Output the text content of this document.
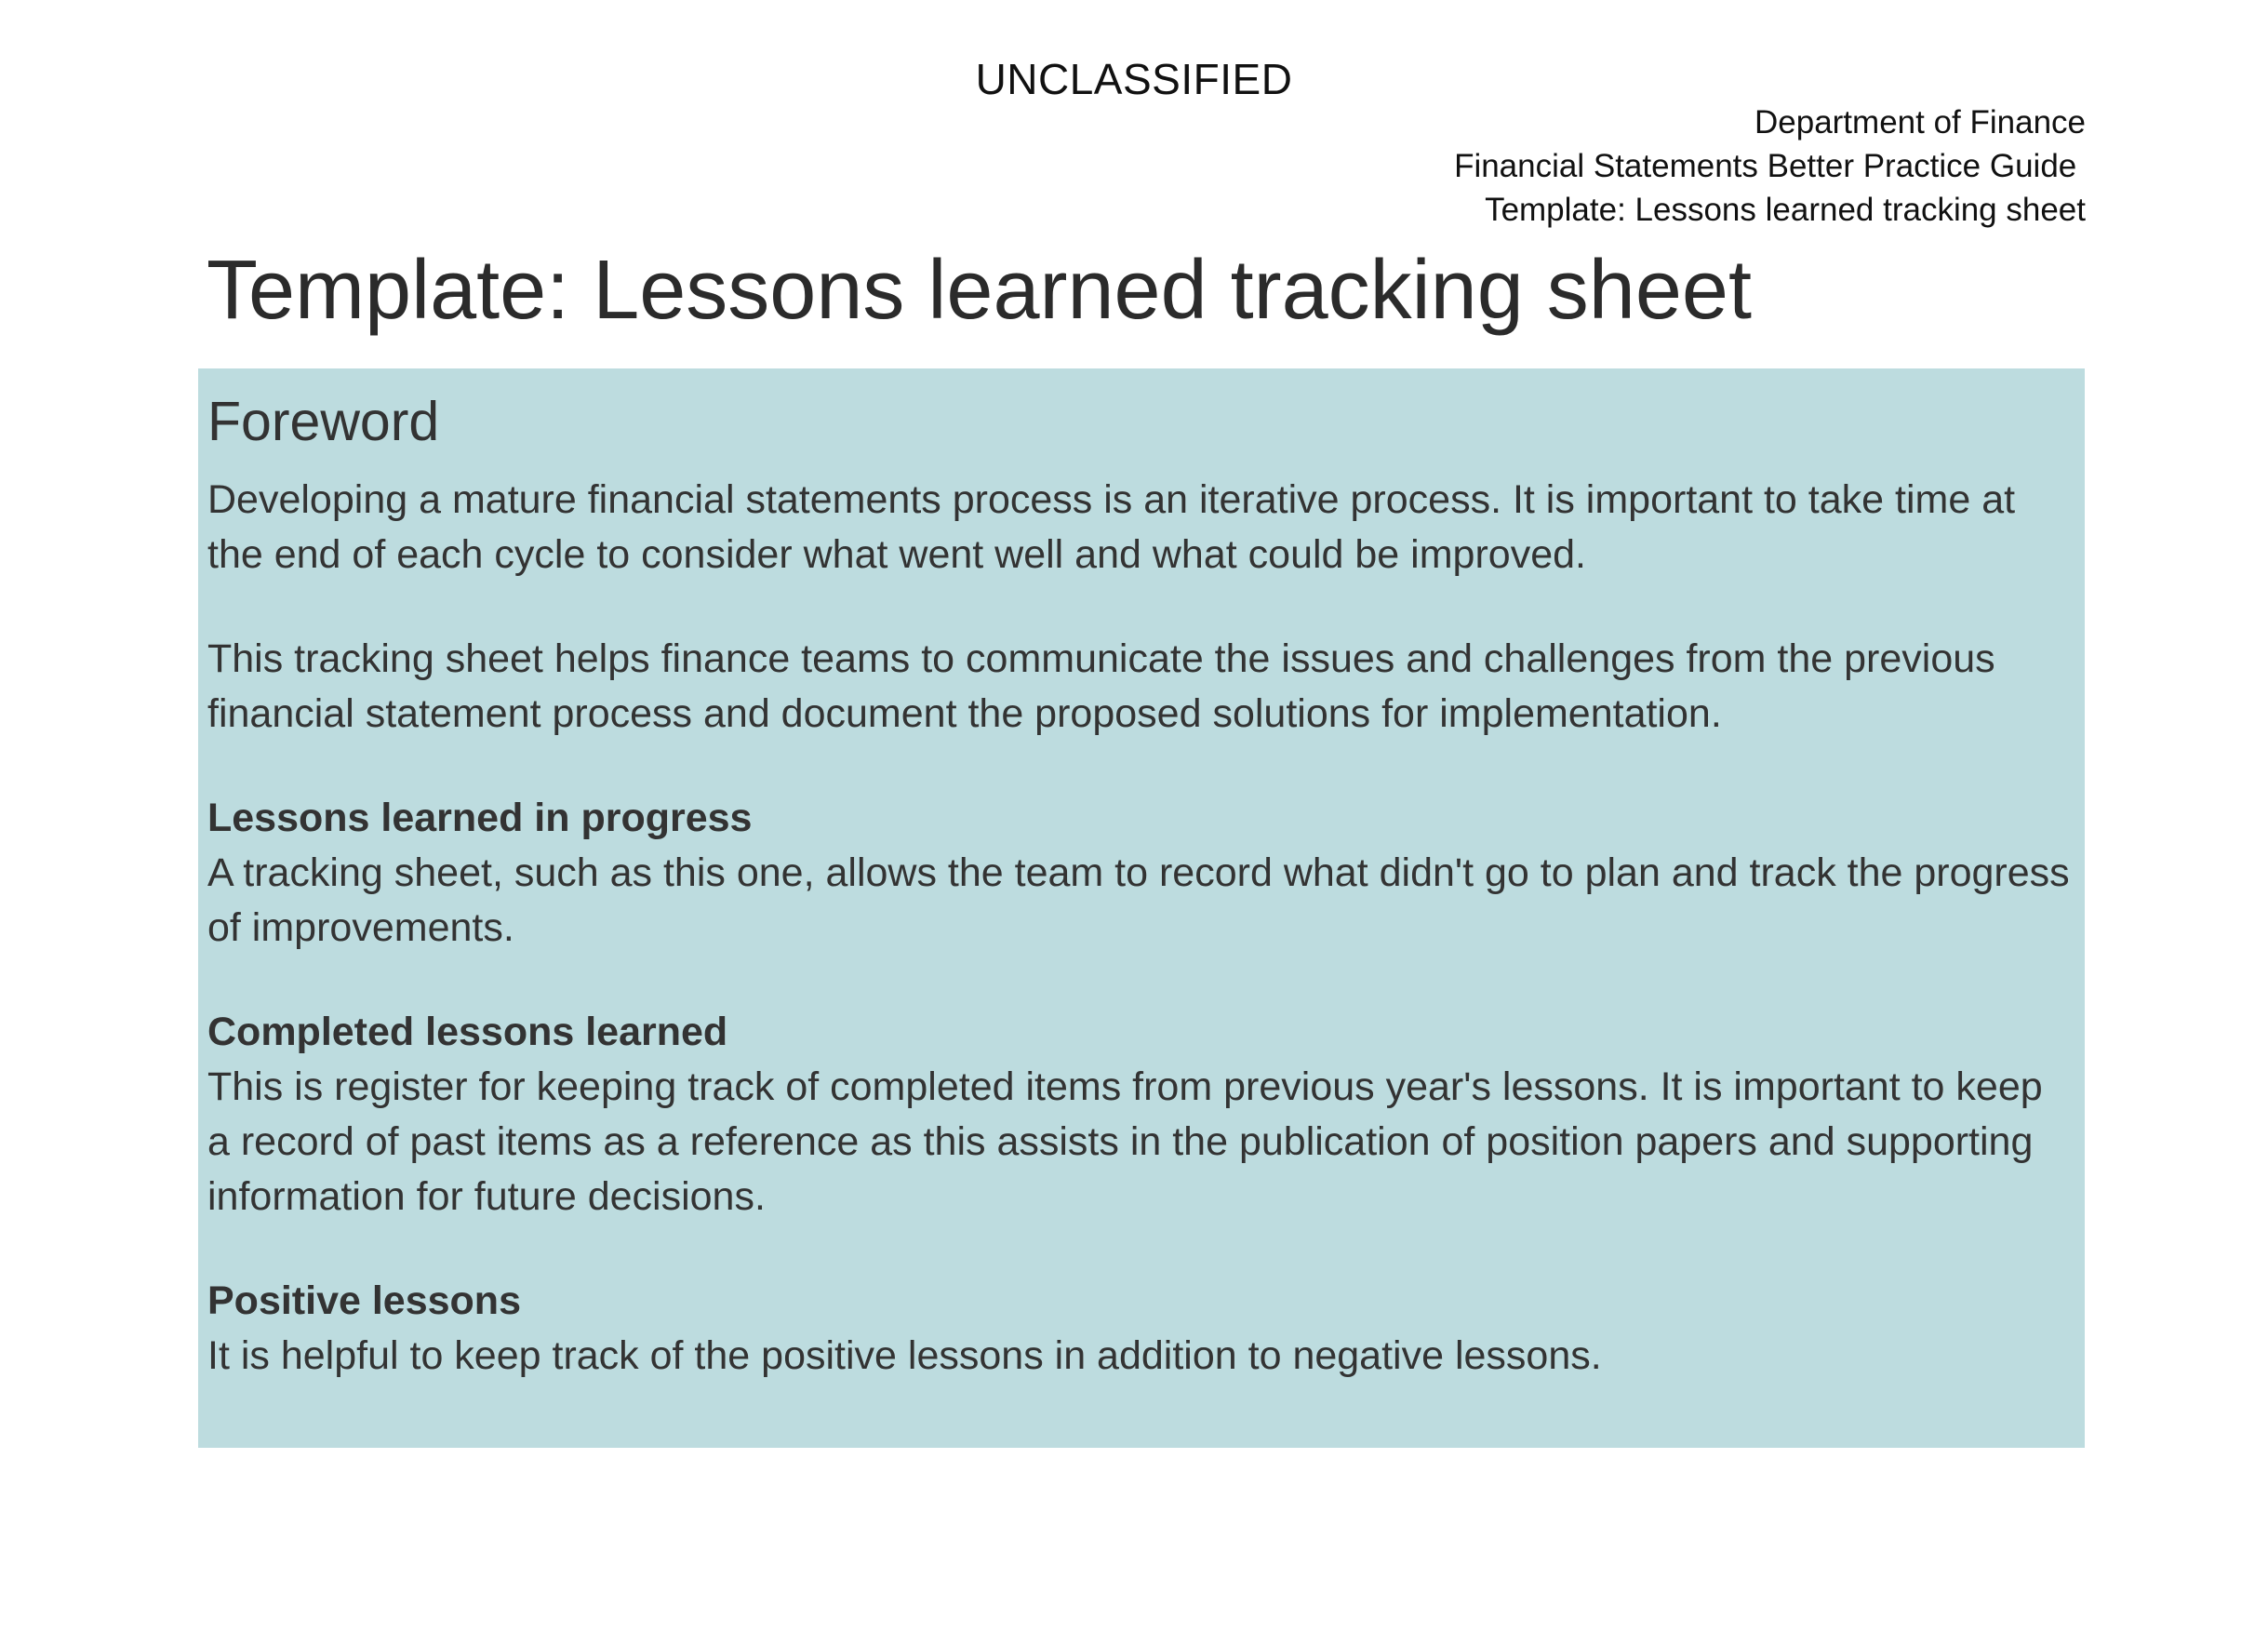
UNCLASSIFIED
Department of Finance
Financial Statements Better Practice Guide
Template: Lessons learned tracking sheet
Template: Lessons learned tracking sheet
Foreword

Developing a mature financial statements process is an iterative process. It is important to take time at the end of each cycle to consider what went well and what could be improved.

This tracking sheet helps finance teams to communicate the issues and challenges from the previous financial statement process and document the proposed solutions for implementation.

Lessons learned in progress

A tracking sheet, such as this one, allows the team to record what didn't go to plan and track the progress of improvements.

Completed lessons learned

This is register for keeping track of completed items from previous year's lessons. It is important to keep a record of past items as a reference as this assists in the publication of position papers and supporting information for future decisions.

Positive lessons

It is helpful to keep track of the positive lessons in addition to negative lessons.
